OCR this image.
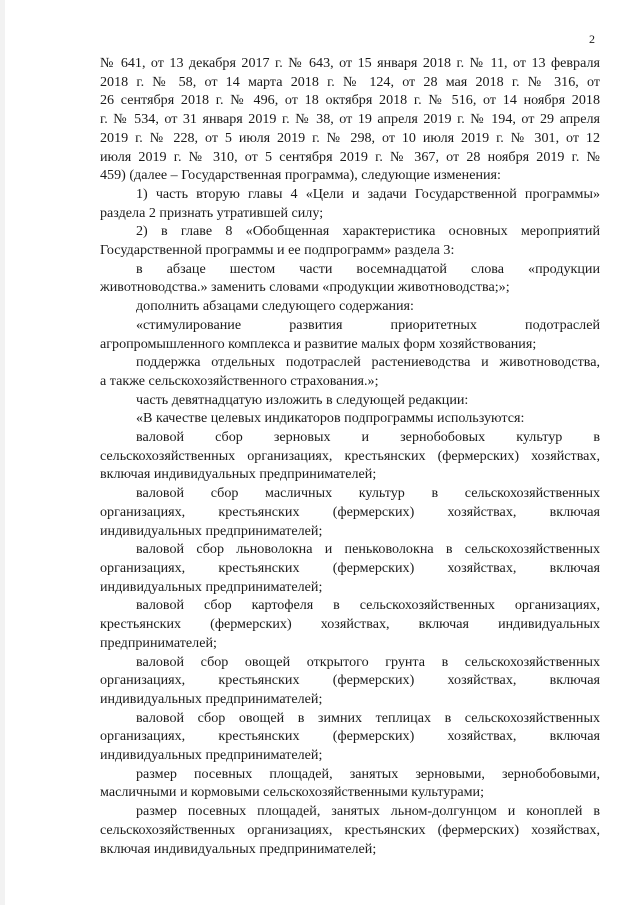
2
№ 641, от 13 декабря 2017 г. № 643, от 15 января 2018 г. № 11, от 13 февраля
2018 г. № 58, от 14 марта 2018 г. № 124, от 28 мая 2018 г. № 316, от
26 сентября 2018 г. № 496, от 18 октября 2018 г. № 516, от 14 ноября 2018
г. № 534, от 31 января 2019 г. № 38, от 19 апреля 2019 г. № 194, от 29 апреля
2019 г. № 228, от 5 июля 2019 г. № 298, от 10 июля 2019 г. № 301, от 12
июля 2019 г. № 310, от 5 сентября 2019 г. № 367, от 28 ноября 2019 г. №
459) (далее – Государственная программа), следующие изменения:
1) часть вторую главы 4 «Цели и задачи Государственной программы»
раздела 2 признать утратившей силу;
2) в главе 8 «Обобщенная характеристика основных мероприятий
Государственной программы и ее подпрограмм» раздела 3:
в абзаце шестом части восемнадцатой слова «продукции
животноводства.» заменить словами «продукции животноводства;»;
дополнить абзацами следующего содержания:
«стимулирование развития приоритетных подотраслей
агропромышленного комплекса и развитие малых форм хозяйствования;
поддержка отдельных подотраслей растениеводства и животноводства,
а также сельскохозяйственного страхования.»;
часть девятнадцатую изложить в следующей редакции:
«В качестве целевых индикаторов подпрограммы используются:
валовой сбор зерновых и зернобобовых культур в
сельскохозяйственных организациях, крестьянских (фермерских) хозяйствах,
включая индивидуальных предпринимателей;
валовой сбор масличных культур в сельскохозяйственных
организациях, крестьянских (фермерских) хозяйствах, включая
индивидуальных предпринимателей;
валовой сбор льноволокна и пеньковолокна в сельскохозяйственных
организациях, крестьянских (фермерских) хозяйствах, включая
индивидуальных предпринимателей;
валовой сбор картофеля в сельскохозяйственных организациях,
крестьянских (фермерских) хозяйствах, включая индивидуальных
предпринимателей;
валовой сбор овощей открытого грунта в сельскохозяйственных
организациях, крестьянских (фермерских) хозяйствах, включая
индивидуальных предпринимателей;
валовой сбор овощей в зимних теплицах в сельскохозяйственных
организациях, крестьянских (фермерских) хозяйствах, включая
индивидуальных предпринимателей;
размер посевных площадей, занятых зерновыми, зернобобовыми,
масличными и кормовыми сельскохозяйственными культурами;
размер посевных площадей, занятых льном-долгунцом и коноплей в
сельскохозяйственных организациях, крестьянских (фермерских) хозяйствах,
включая индивидуальных предпринимателей;
